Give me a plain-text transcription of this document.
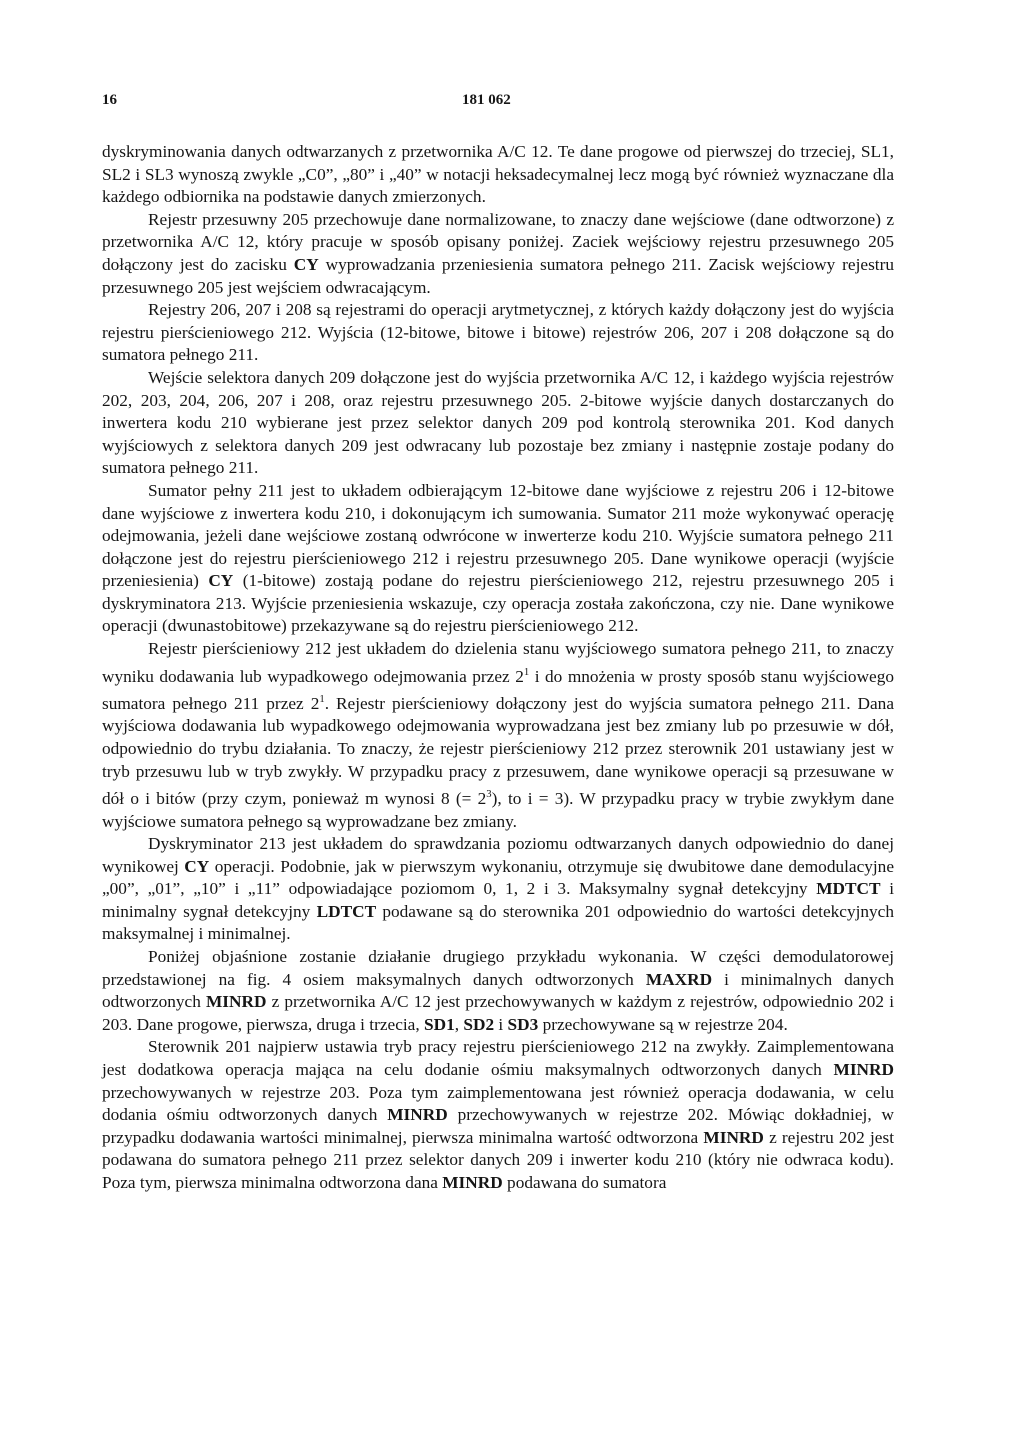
16	181 062

dyskryminowania danych odtwarzanych z przetwornika A/C 12. Te dane progowe od pierwszej do trzeciej, SL1, SL2 i SL3 wynoszą zwykle „C0”, „80” i „40” w notacji heksadecymalnej lecz mogą być również wyznaczane dla każdego odbiornika na podstawie danych zmierzonych.

Rejestr przesuwny 205 przechowuje dane normalizowane, to znaczy dane wejściowe (dane odtworzone) z przetwornika A/C 12, który pracuje w sposób opisany poniżej. Zaciek wejściowy rejestru przesuwnego 205 dołączony jest do zacisku CY wyprowadzania przeniesienia sumatora pełnego 211. Zacisk wejściowy rejestru przesuwnego 205 jest wejściem odwracającym.

Rejestry 206, 207 i 208 są rejestrami do operacji arytmetycznej, z których każdy dołączony jest do wyjścia rejestru pierścieniowego 212. Wyjścia (12-bitowe, bitowe i bitowe) rejestrów 206, 207 i 208 dołączone są do sumatora pełnego 211.

Wejście selektora danych 209 dołączone jest do wyjścia przetwornika A/C 12, i każdego wyjścia rejestrów 202, 203, 204, 206, 207 i 208, oraz rejestru przesuwnego 205. 2-bitowe wyjście danych dostarczanych do inwertera kodu 210 wybierane jest przez selektor danych 209 pod kontrolą sterownika 201. Kod danych wyjściowych z selektora danych 209 jest odwracany lub pozostaje bez zmiany i następnie zostaje podany do sumatora pełnego 211.

Sumator pełny 211 jest to układem odbierającym 12-bitowe dane wyjściowe z rejestru 206 i 12-bitowe dane wyjściowe z inwertera kodu 210, i dokonującym ich sumowania. Sumator 211 może wykonywać operację odejmowania, jeżeli dane wejściowe zostaną odwrócone w inwerterze kodu 210. Wyjście sumatora pełnego 211 dołączone jest do rejestru pierścieniowego 212 i rejestru przesuwnego 205. Dane wynikowe operacji (wyjście przeniesienia) CY (1-bitowe) zostają podane do rejestru pierścieniowego 212, rejestru przesuwnego 205 i dyskryminatora 213. Wyjście przeniesienia wskazuje, czy operacja została zakończona, czy nie. Dane wynikowe operacji (dwunastobitowe) przekazywane są do rejestru pierścieniowego 212.

Rejestr pierścieniowy 212 jest układem do dzielenia stanu wyjściowego sumatora pełnego 211, to znaczy wyniku dodawania lub wypadkowego odejmowania przez $2^1$ i do mnożenia w prosty sposób stanu wyjściowego sumatora pełnego 211 przez $2^1$. Rejestr pierścieniowy dołączony jest do wyjścia sumatora pełnego 211. Dana wyjściowa dodawania lub wypadkowego odejmowania wyprowadzana jest bez zmiany lub po przesuwie w dół, odpowiednio do trybu działania. To znaczy, że rejestr pierścieniowy 212 przez sterownik 201 ustawiany jest w tryb przesuwu lub w tryb zwykły. W przypadku pracy z przesuwem, dane wynikowe operacji są przesuwane w dół o i bitów (przy czym, ponieważ m wynosi 8 (= $2^3$), to i = 3). W przypadku pracy w trybie zwykłym dane wyjściowe sumatora pełnego są wyprowadzane bez zmiany.

Dyskryminator 213 jest układem do sprawdzania poziomu odtwarzanych danych odpowiednio do danej wynikowej CY operacji. Podobnie, jak w pierwszym wykonaniu, otrzymuje się dwubitowe dane demodulacyjne „00”, „01”, „10” i „11” odpowiadające poziomom 0, 1, 2 i 3. Maksymalny sygnał detekcyjny MDTCT i minimalny sygnał detekcyjny LDTCT podawane są do sterownika 201 odpowiednio do wartości detekcyjnych maksymalnej i minimalnej.

Poniżej objaśnione zostanie działanie drugiego przykładu wykonania. W części demodulatorowej przedstawionej na fig. 4 osiem maksymalnych danych odtworzonych MAXRD i minimalnych danych odtworzonych MINRD z przetwornika A/C 12 jest przechowywanych w każdym z rejestrów, odpowiednio 202 i 203. Dane progowe, pierwsza, druga i trzecia, SD1, SD2 i SD3 przechowywane są w rejestrze 204.

Sterownik 201 najpierw ustawia tryb pracy rejestru pierścieniowego 212 na zwykły. Zaimplementowana jest dodatkowa operacja mająca na celu dodanie ośmiu maksymalnych odtworzonych danych MINRD przechowywanych w rejestrze 203. Poza tym zaimplementowana jest również operacja dodawania, w celu dodania ośmiu odtworzonych danych MINRD przechowywanych w rejestrze 202. Mówiąc dokładniej, w przypadku dodawania wartości minimalnej, pierwsza minimalna wartość odtworzona MINRD z rejestru 202 jest podawana do sumatora pełnego 211 przez selektor danych 209 i inwerter kodu 210 (który nie odwraca kodu). Poza tym, pierwsza minimalna odtworzona dana MINRD podawana do sumatora
